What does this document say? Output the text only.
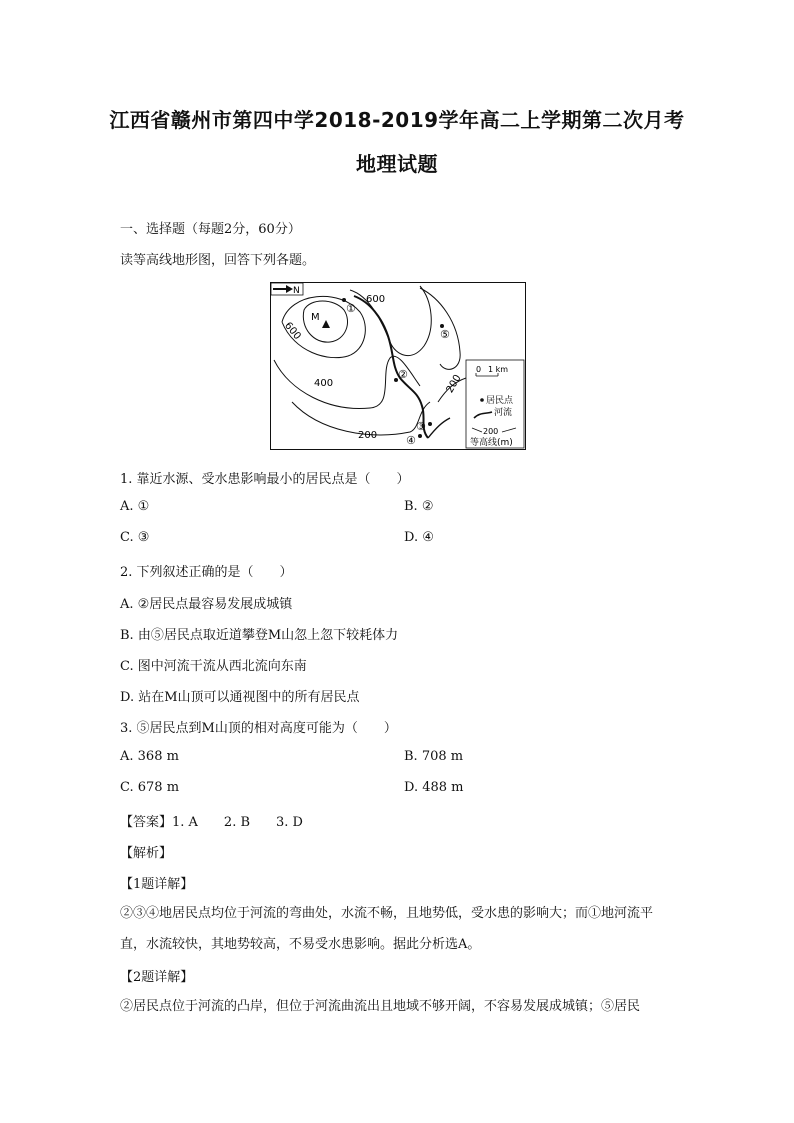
江西省赣州市第四中学2018-2019学年高二上学期第二次月考
地理试题
一、选择题（每题2分，60分）
读等高线地形图，回答下列各题。
N
600
600
400
200
200
M
①
②
③
④
⑤
0 1 km
居民点
河流
200
等高线(m)
1. 靠近水源、受水患影响最小的居民点是（　　）
A. ①	B. ②
C. ③	D. ④
2. 下列叙述正确的是（　　）
A. ②居民点最容易发展成城镇
B. 由⑤居民点取近道攀登M山忽上忽下较耗体力
C. 图中河流干流从西北流向东南
D. 站在M山顶可以通视图中的所有居民点
3. ⑤居民点到M山顶的相对高度可能为（　　）
A. 368 m	B. 708 m
C. 678 m	D. 488 m
【答案】1. A　　2. B　　3. D
【解析】
【1题详解】
②③④地居民点均位于河流的弯曲处，水流不畅，且地势低，受水患的影响大；而①地河流平直，水流较快，其地势较高，不易受水患影响。据此分析选A。
【2题详解】
②居民点位于河流的凸岸，但位于河流曲流出且地域不够开阔，不容易发展成城镇；⑤居民
